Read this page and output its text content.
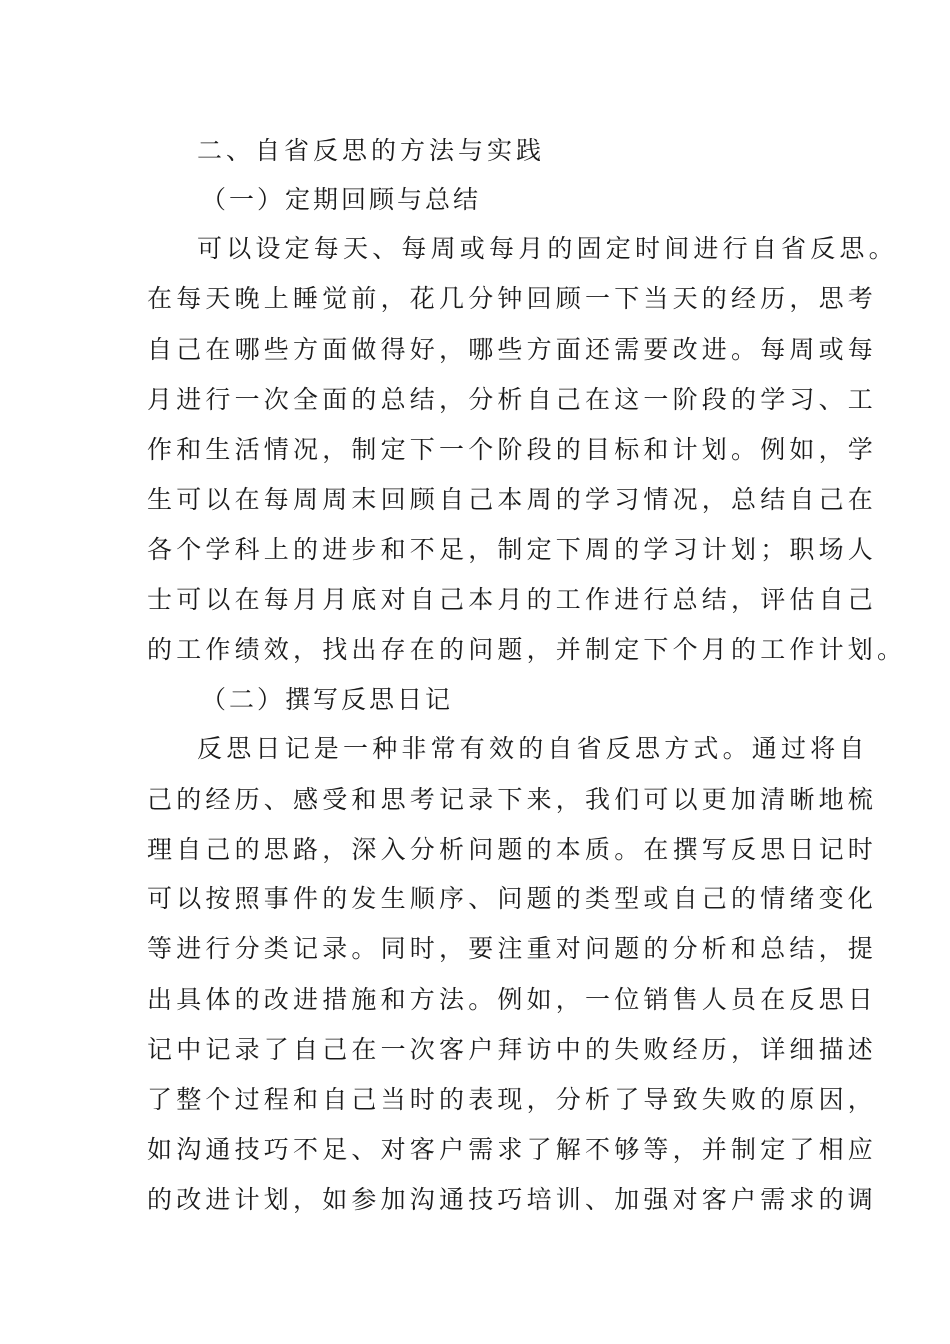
二、自省反思的方法与实践

（一）定期回顾与总结

可以设定每天、每周或每月的固定时间进行自省反思。

在每天晚上睡觉前，花几分钟回顾一下当天的经历，思考

自己在哪些方面做得好，哪些方面还需要改进。每周或每

月进行一次全面的总结，分析自己在这一阶段的学习、工

作和生活情况，制定下一个阶段的目标和计划。例如，学

生可以在每周周末回顾自己本周的学习情况，总结自己在

各个学科上的进步和不足，制定下周的学习计划；职场人

士可以在每月月底对自己本月的工作进行总结，评估自己

的工作绩效，找出存在的问题，并制定下个月的工作计划。

（二）撰写反思日记

反思日记是一种非常有效的自省反思方式。通过将自

己的经历、感受和思考记录下来，我们可以更加清晰地梳

理自己的思路，深入分析问题的本质。在撰写反思日记时

可以按照事件的发生顺序、问题的类型或自己的情绪变化

等进行分类记录。同时，要注重对问题的分析和总结，提

出具体的改进措施和方法。例如，一位销售人员在反思日

记中记录了自己在一次客户拜访中的失败经历，详细描述

了整个过程和自己当时的表现，分析了导致失败的原因，

如沟通技巧不足、对客户需求了解不够等，并制定了相应

的改进计划，如参加沟通技巧培训、加强对客户需求的调
